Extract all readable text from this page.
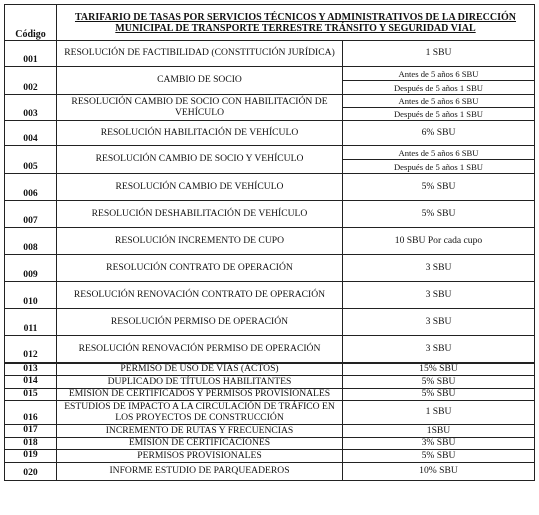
Código	TARIFARIO DE TASAS POR SERVICIOS TÉCNICOS Y ADMINISTRATIVOS DE LA DIRECCIÓN
MUNICIPAL DE TRANSPORTE TERRESTRE TRÁNSITO Y SEGURIDAD VIAL	

001	RESOLUCIÓN DE FACTIBILIDAD (CONSTITUCIÓN JURÍDICA)	1 SBU
002	CAMBIO DE SOCIO	Antes de 5 años 6 SBU
		Después de 5 años 1 SBU
003	RESOLUCIÓN CAMBIO DE SOCIO CON HABILITACIÓN DE VEHÍCULO	Antes de 5 años 6 SBU
		Después de 5 años 1 SBU
004	RESOLUCIÓN HABILITACIÓN DE VEHÍCULO	6% SBU
005	RESOLUCIÓN CAMBIO DE SOCIO Y VEHÍCULO	Antes de 5 años 6 SBU
		Después de 5 años 1 SBU
006	RESOLUCIÓN CAMBIO DE VEHÍCULO	5% SBU
007	RESOLUCIÓN DESHABILITACIÓN DE VEHÍCULO	5% SBU
008	RESOLUCIÓN INCREMENTO DE CUPO	10 SBU Por cada cupo
009	RESOLUCIÓN CONTRATO DE OPERACIÓN	3 SBU
010	RESOLUCIÓN RENOVACIÓN CONTRATO DE OPERACIÓN	3 SBU
011	RESOLUCIÓN PERMISO DE OPERACIÓN	3 SBU
012	RESOLUCIÓN RENOVACIÓN PERMISO DE OPERACIÓN	3 SBU
013	PERMISO DE USO DE VÍAS (ACTOS)	15% SBU
014	DUPLICADO DE TÍTULOS HABILITANTES	5% SBU
015	EMISIÓN DE CERTIFICADOS Y PERMISOS PROVISIONALES	5% SBU
016	ESTUDIOS DE IMPACTO A LA CIRCULACIÓN DE TRÁFICO EN LOS PROYECTOS DE CONSTRUCCIÓN	1 SBU
017	INCREMENTO DE RUTAS Y FRECUENCIAS	1SBU
018	EMISIÓN DE CERTIFICACIONES	3% SBU
019	PERMISOS PROVISIONALES	5% SBU
020	INFORME ESTUDIO DE PARQUEADEROS	10% SBU
